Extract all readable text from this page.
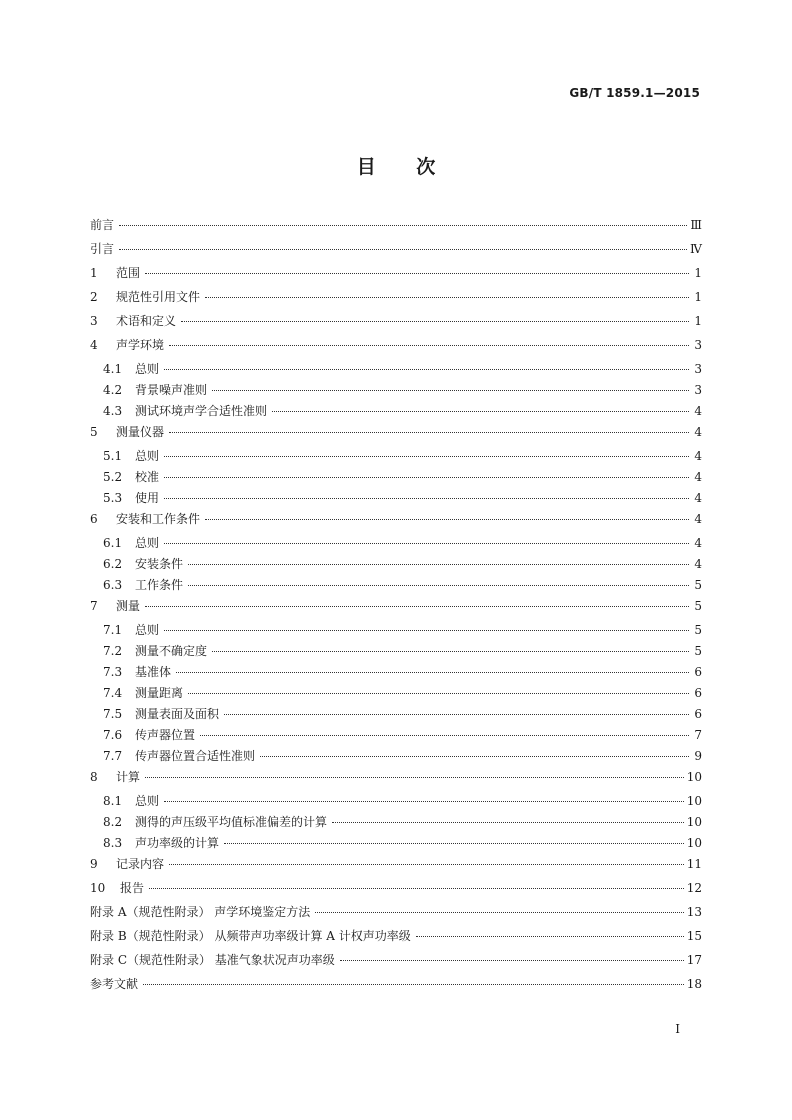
GB/T 1859.1—2015
目 次
前言	Ⅲ
引言	Ⅳ
1	范围	1
2	规范性引用文件	1
3	术语和定义	1
4	声学环境	3
4.1	总则	3
4.2	背景噪声准则	3
4.3	测试环境声学合适性准则	4
5	测量仪器	4
5.1	总则	4
5.2	校准	4
5.3	使用	4
6	安装和工作条件	4
6.1	总则	4
6.2	安装条件	4
6.3	工作条件	5
7	测量	5
7.1	总则	5
7.2	测量不确定度	5
7.3	基准体	6
7.4	测量距离	6
7.5	测量表面及面积	6
7.6	传声器位置	7
7.7	传声器位置合适性准则	9
8	计算	10
8.1	总则	10
8.2	测得的声压级平均值标准偏差的计算	10
8.3	声功率级的计算	10
9	记录内容	11
10	报告	12
附录 A（规范性附录） 声学环境鉴定方法	13
附录 B（规范性附录） 从频带声功率级计算 A 计权声功率级	15
附录 C（规范性附录） 基准气象状况声功率级	17
参考文献	18
I
